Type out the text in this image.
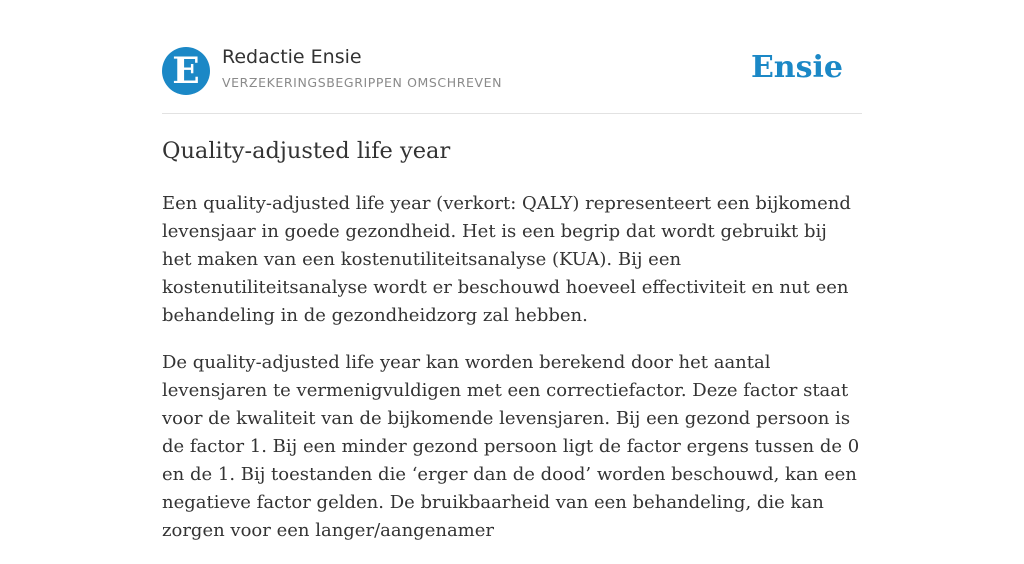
E	Redactie Ensie
VERZEKERINGSBEGRIPPEN OMSCHREVEN	Ensie
Quality-adjusted life year

Een quality-adjusted life year (verkort: QALY) representeert een bijkomend levensjaar in goede gezondheid. Het is een begrip dat wordt gebruikt bij het maken van een kostenutiliteitsanalyse (KUA). Bij een kostenutiliteitsanalyse wordt er beschouwd hoeveel effectiviteit en nut een behandeling in de gezondheidzorg zal hebben.

De quality-adjusted life year kan worden berekend door het aantal levensjaren te vermenigvuldigen met een correctiefactor. Deze factor staat voor de kwaliteit van de bijkomende levensjaren. Bij een gezond persoon is de factor 1. Bij een minder gezond persoon ligt de factor ergens tussen de 0 en de 1. Bij toestanden die ‘erger dan de dood’ worden beschouwd, kan een negatieve factor gelden. De bruikbaarheid van een behandeling, die kan zorgen voor een langer/aangenamer
